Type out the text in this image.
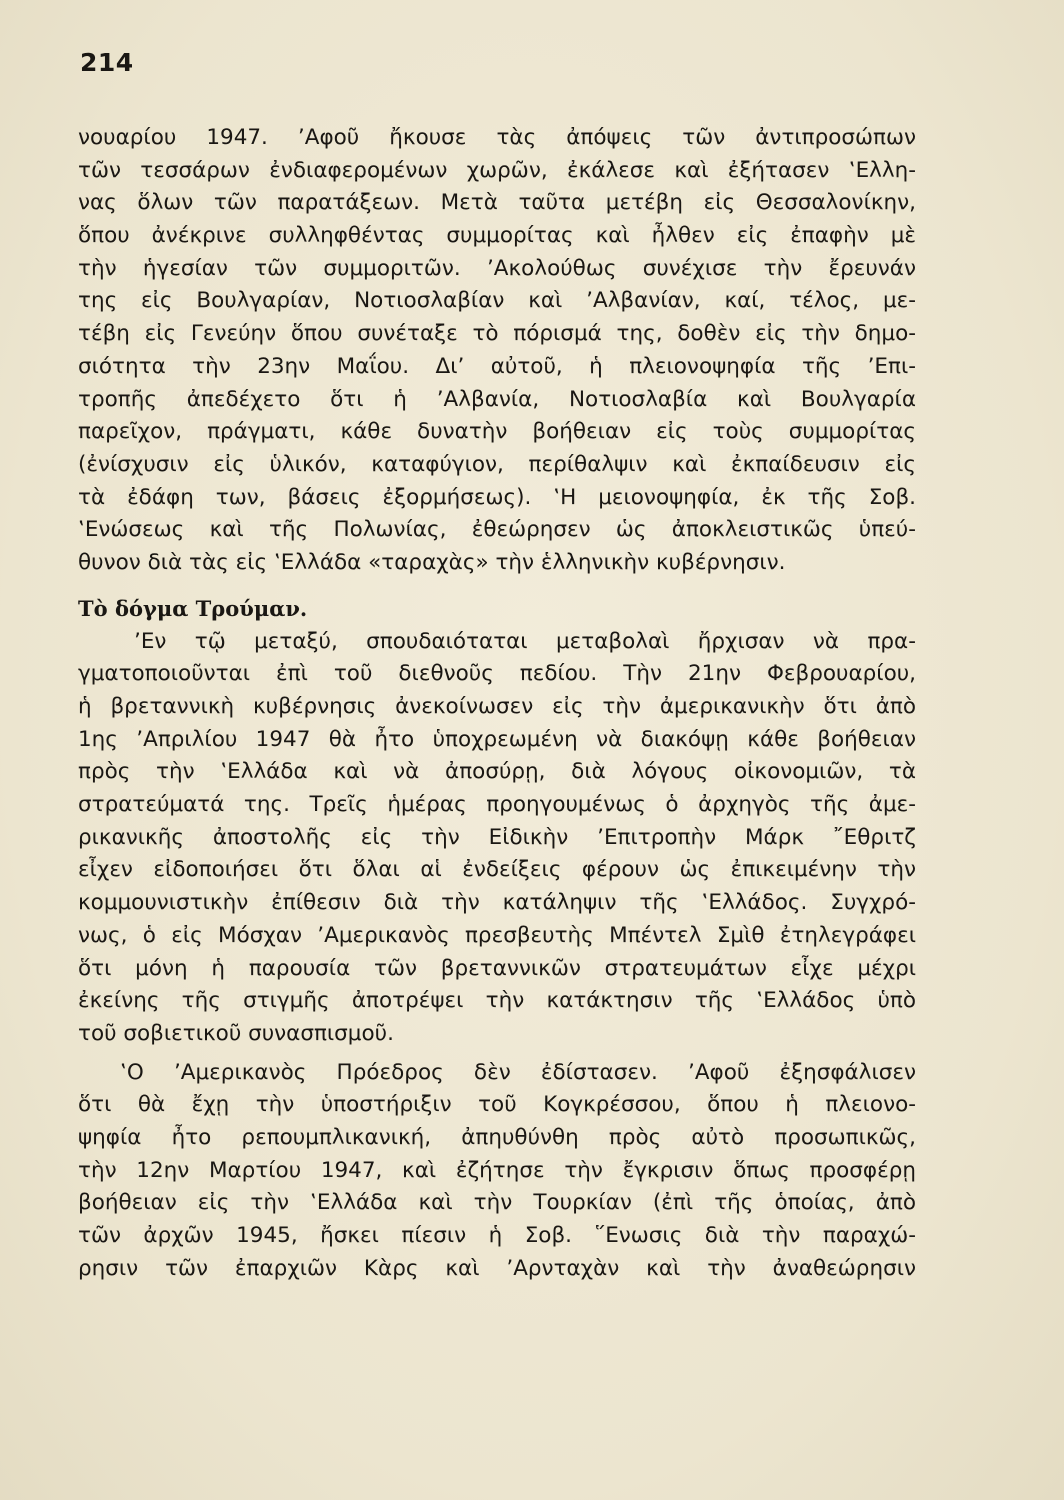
214
νουαρίου 1947. ’Αφοῦ ἤκουσε τὰς ἀπόψεις τῶν ἀντιπροσώπων
τῶν τεσσάρων ἐνδιαφερομένων χωρῶν, ἐκάλεσε καὶ ἐξήτασεν ‛Ελλη-
νας ὅλων τῶν παρατάξεων. Μετὰ ταῦτα μετέβη εἰς Θεσσαλονίκην,
ὅπου ἀνέκρινε συλληφθέντας συμμορίτας καὶ ἦλθεν εἰς ἐπαφὴν μὲ
τὴν ἡγεσίαν τῶν συμμοριτῶν. ’Ακολούθως συνέχισε τὴν ἔρευνάν
της εἰς Βουλγαρίαν, Νοτιοσλαβίαν καὶ ’Αλβανίαν, καί, τέλος, με-
τέβη εἰς Γενεύην ὅπου συνέταξε τὸ πόρισμά της, δοθὲν εἰς τὴν δημο-
σιότητα τὴν 23ην Μαΐου. Δι’ αὐτοῦ, ἡ πλειονοψηφία τῆς ’Επι-
τροπῆς ἀπεδέχετο ὅτι ἡ ’Αλβανία, Νοτιοσλαβία καὶ Βουλγαρία
παρεῖχον, πράγματι, κάθε δυνατὴν βοήθειαν εἰς τοὺς συμμορίτας
(ἐνίσχυσιν εἰς ὑλικόν, καταφύγιον, περίθαλψιν καὶ ἐκπαίδευσιν εἰς
τὰ ἐδάφη των, βάσεις ἐξορμήσεως). ‛Η μειονοψηφία, ἐκ τῆς Σοβ.
‛Ενώσεως καὶ τῆς Πολωνίας, ἐθεώρησεν ὡς ἀποκλειστικῶς ὑπεύ-
θυνον διὰ τὰς εἰς ‛Ελλάδα «ταραχὰς» τὴν ἑλληνικὴν κυβέρνησιν.
Τὸ δόγμα Τρούμαν.
’Εν τῷ μεταξύ, σπουδαιόταται μεταβολαὶ ἤρχισαν νὰ πρα-
γματοποιοῦνται ἐπὶ τοῦ διεθνοῦς πεδίου. Τὴν 21ην Φεβρουαρίου,
ἡ βρεταννικὴ κυβέρνησις ἀνεκοίνωσεν εἰς τὴν ἀμερικανικὴν ὅτι ἀπὸ
1ης ’Απριλίου 1947 θὰ ἦτο ὑποχρεωμένη νὰ διακόψῃ κάθε βοήθειαν
πρὸς τὴν ‛Ελλάδα καὶ νὰ ἀποσύρῃ, διὰ λόγους οἰκονομιῶν, τὰ
στρατεύματά της. Τρεῖς ἡμέρας προηγουμένως ὁ ἀρχηγὸς τῆς ἀμε-
ρικανικῆς ἀποστολῆς εἰς τὴν Εἰδικὴν ’Επιτροπὴν Μάρκ ῎Εθριτζ
εἶχεν εἰδοποιήσει ὅτι ὅλαι αἱ ἐνδείξεις φέρουν ὡς ἐπικειμένην τὴν
κομμουνιστικὴν ἐπίθεσιν διὰ τὴν κατάληψιν τῆς ‛Ελλάδος. Συγχρό-
νως, ὁ εἰς Μόσχαν ’Αμερικανὸς πρεσβευτὴς Μπέντελ Σμὶθ ἐτηλεγράφει
ὅτι μόνη ἡ παρουσία τῶν βρεταννικῶν στρατευμάτων εἶχε μέχρι
ἐκείνης τῆς στιγμῆς ἀποτρέψει τὴν κατάκτησιν τῆς ‛Ελλάδος ὑπὸ
τοῦ σοβιετικοῦ συνασπισμοῦ.
‛Ο ’Αμερικανὸς Πρόεδρος δὲν ἐδίστασεν. ’Αφοῦ ἐξησφάλισεν
ὅτι θὰ ἔχῃ τὴν ὑποστήριξιν τοῦ Κογκρέσσου, ὅπου ἡ πλειονο-
ψηφία ἦτο ρεπουμπλικανική, ἀπηυθύνθη πρὸς αὐτὸ προσωπικῶς,
τὴν 12ην Μαρτίου 1947, καὶ ἐζήτησε τὴν ἔγκρισιν ὅπως προσφέρῃ
βοήθειαν εἰς τὴν ‛Ελλάδα καὶ τὴν Τουρκίαν (ἐπὶ τῆς ὁποίας, ἀπὸ
τῶν ἀρχῶν 1945, ἤσκει πίεσιν ἡ Σοβ. ῞Ενωσις διὰ τὴν παραχώ-
ρησιν τῶν ἐπαρχιῶν Κὰρς καὶ ’Αρνταχὰν καὶ τὴν ἀναθεώρησιν
